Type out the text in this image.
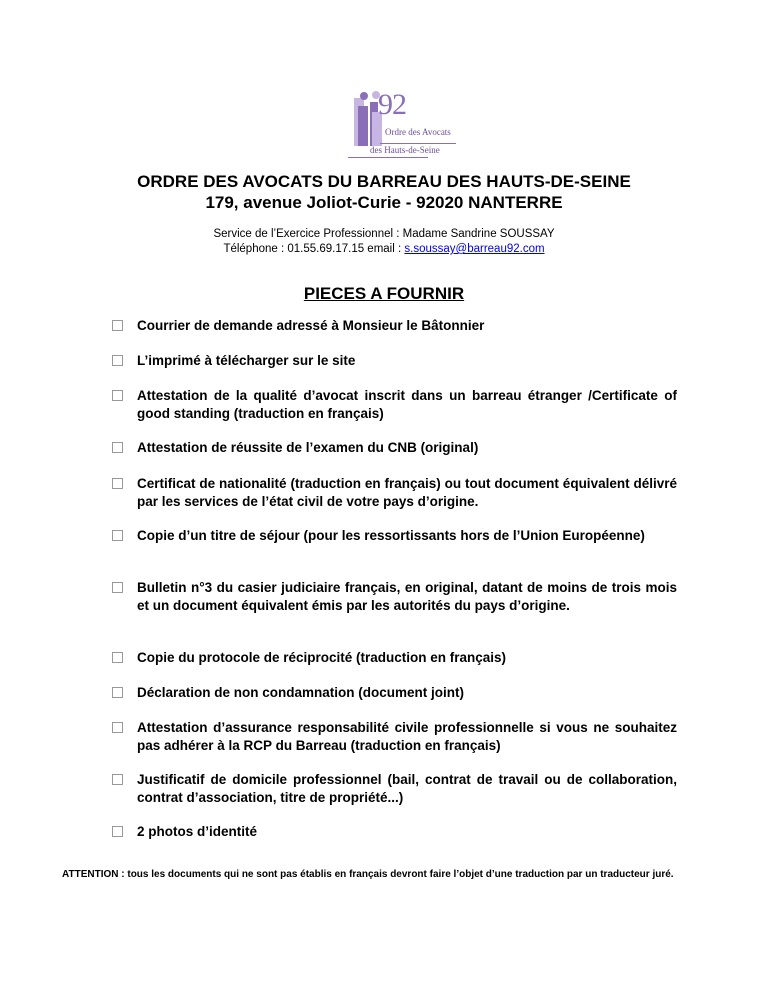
92
Ordre des Avocats
des Hauts-de-Seine
ORDRE DES AVOCATS DU BARREAU DES HAUTS-DE-SEINE
179, avenue Joliot-Curie - 92020 NANTERRE
Service de l’Exercice Professionnel : Madame Sandrine SOUSSAY
Téléphone : 01.55.69.17.15 email : s.soussay@barreau92.com
PIECES A FOURNIR
Courrier de demande adressé à Monsieur le Bâtonnier
L’imprimé à télécharger sur le site
Attestation de la qualité d’avocat inscrit dans un barreau étranger /Certificate of good standing (traduction en français)
Attestation de réussite de l’examen du CNB (original)
Certificat de nationalité (traduction en français) ou tout document équivalent délivré par les services de l’état civil de votre pays d’origine.
Copie d’un titre de séjour (pour les ressortissants hors de l’Union Européenne)
Bulletin n°3 du casier judiciaire français, en original, datant de moins de trois mois et un document équivalent émis par les autorités du pays d’origine.
Copie du protocole de réciprocité (traduction en français)
Déclaration de non condamnation (document joint)
Attestation d’assurance responsabilité civile professionnelle si vous ne souhaitez pas adhérer à la RCP du Barreau (traduction en français)
Justificatif de domicile professionnel (bail, contrat de travail ou de collaboration, contrat d’association, titre de propriété...)
2 photos d’identité
ATTENTION : tous les documents qui ne sont pas établis en français devront faire l’objet d’une traduction par un traducteur juré.
